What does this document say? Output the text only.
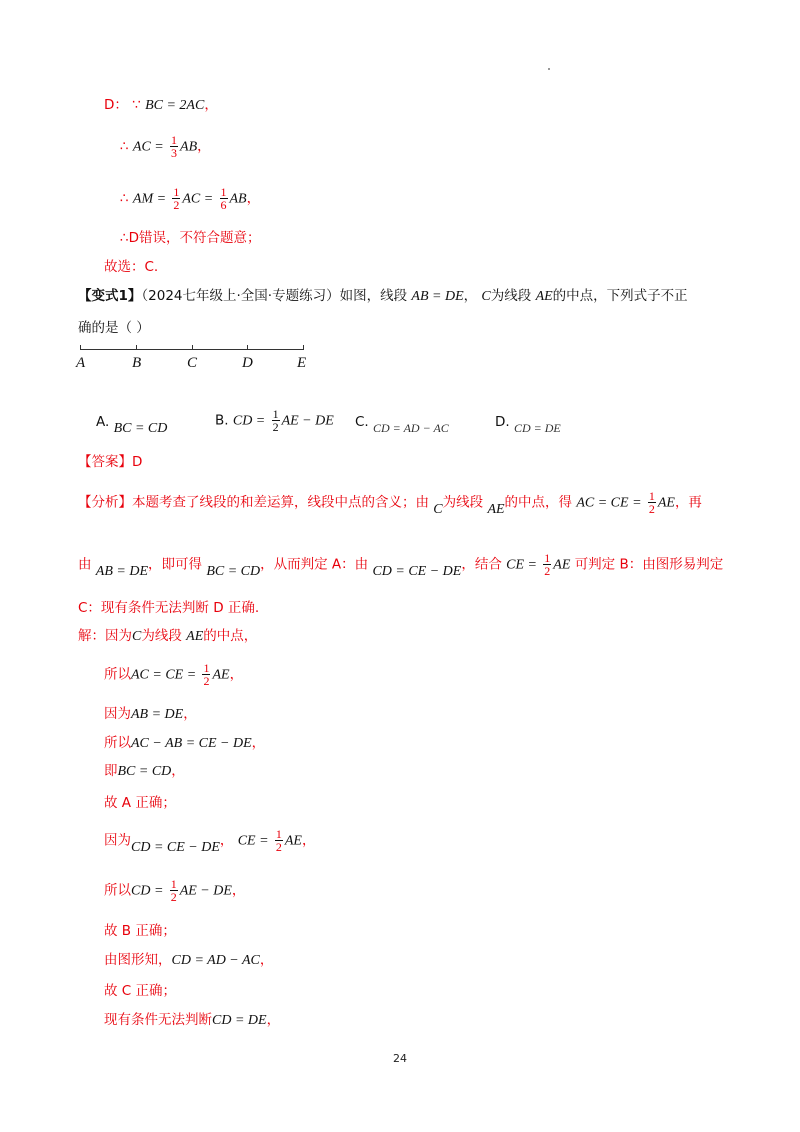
D： ∵ BC = 2AC，
∴ AC = $\frac{1}{3}$ AB，
∴ AM = $\frac{1}{2}$ AC = $\frac{1}{6}$ AB，
∴D错误，不符合题意；
故选：C.
【变式1】（2024七年级上·全国·专题练习）如图，线段 AB = DE， C为线段 AE的中点，下列式子不正
确的是（ ）
A	B	C	D	E
A. BC = CD	B. CD = $\frac{1}{2}$ AE − DE C. CD = AD − AC	D. CD = DE
【答案】D
【分析】本题考查了线段的和差运算，线段中点的含义；由 C为线段 AE的中点，得 AC = CE = $\frac{1}{2}$ AE，再
由 AB = DE，即可得 BC = CD，从而判定 A：由 CD = CE − DE，结合 CE = $\frac{1}{2}$ AE 可判定 B：由图形易判定
C：现有条件无法判断 D 正确.
解：因为C为线段 AE的中点，
所以AC = CE = $\frac{1}{2}$ AE，
因为AB = DE，
所以AC − AB = CE − DE，
即BC = CD，
故 A 正确；
因为CD = CE − DE， CE = $\frac{1}{2}$ AE，
所以CD = $\frac{1}{2}$ AE − DE，
故 B 正确；
由图形知，CD = AD − AC，
故 C 正确；
现有条件无法判断CD = DE，
24
